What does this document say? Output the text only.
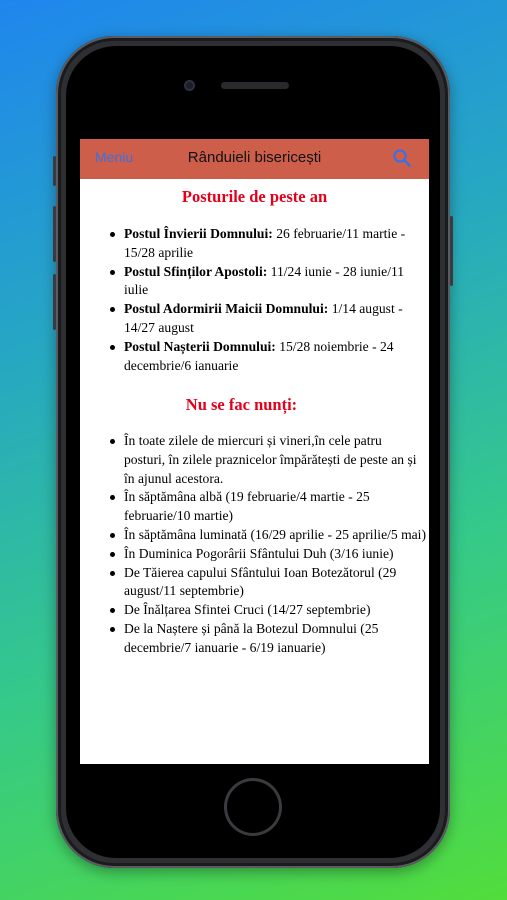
Meniu	Rânduieli bisericești
Posturile de peste an
Postul Învierii Domnului: 26 februarie/11 martie - 15/28 aprilie
Postul Sfinților Apostoli: 11/24 iunie - 28 iunie/11 iulie
Postul Adormirii Maicii Domnului: 1/14 august - 14/27 august
Postul Nașterii Domnului: 15/28 noiembrie - 24 decembrie/6 ianuarie
Nu se fac nunți:
În toate zilele de miercuri și vineri,în cele patru posturi, în zilele praznicelor împărătești de peste an și în ajunul acestora.
În săptămâna albă (19 februarie/4 martie - 25 februarie/10 martie)
În săptămâna luminată (16/29 aprilie - 25 aprilie/5 mai)
În Duminica Pogorârii Sfântului Duh (3/16 iunie)
De Tăierea capului Sfântului Ioan Botezătorul (29 august/11 septembrie)
De Înălțarea Sfintei Cruci (14/27 septembrie)
De la Naștere și până la Botezul Domnului (25 decembrie/7 ianuarie - 6/19 ianuarie)
